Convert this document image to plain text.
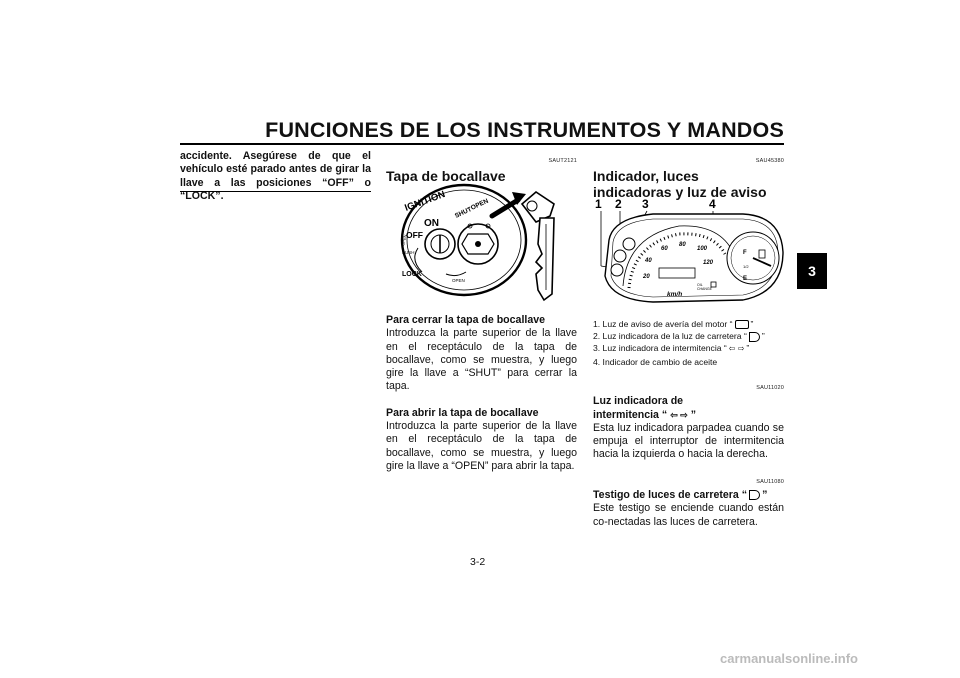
FUNCIONES DE LOS INSTRUMENTOS Y MANDOS
3

accidente. Asegúrese de que el vehículo esté parado antes de girar la llave a las posiciones “OFF” o “LOCK”.

SAUT2121
Tapa de bocallave
IGNITION
ON
OFF
LOCK
PUSH
OPEN
SHUT
OPEN
OPEN

Para cerrar la tapa de bocallave

Introduzca la parte superior de la llave en el receptáculo de la tapa de bocallave, como se muestra, y luego gire la llave a “SHUT” para cerrar la tapa.

Para abrir la tapa de bocallave

Introduzca la parte superior de la llave en el receptáculo de la tapa de bocallave, como se muestra, y luego gire la llave a “OPEN” para abrir la tapa.

SAU45380
Indicador, luces indicadoras y luz de aviso
1 2 3	4
20
40
60
80
100
120
km/h
OIL
CHANGE
F
1/2
E
1. Luz de aviso de avería del motor “ ”
2. Luz indicadora de la luz de carretera “ ”
3. Luz indicadora de intermitencia “ ⇦ ⇨ ”
4. Indicador de cambio de aceite
SAU11020

Luz indicadora de

intermitencia “ ⇦ ⇨ ”

Esta luz indicadora parpadea cuando se empuja el interruptor de intermitencia hacia la izquierda o hacia la derecha.

SAU11080

Testigo de luces de carretera “ ”

Este testigo se enciende cuando están co-nectadas las luces de carretera.

3-2
carmanualsonline.info
